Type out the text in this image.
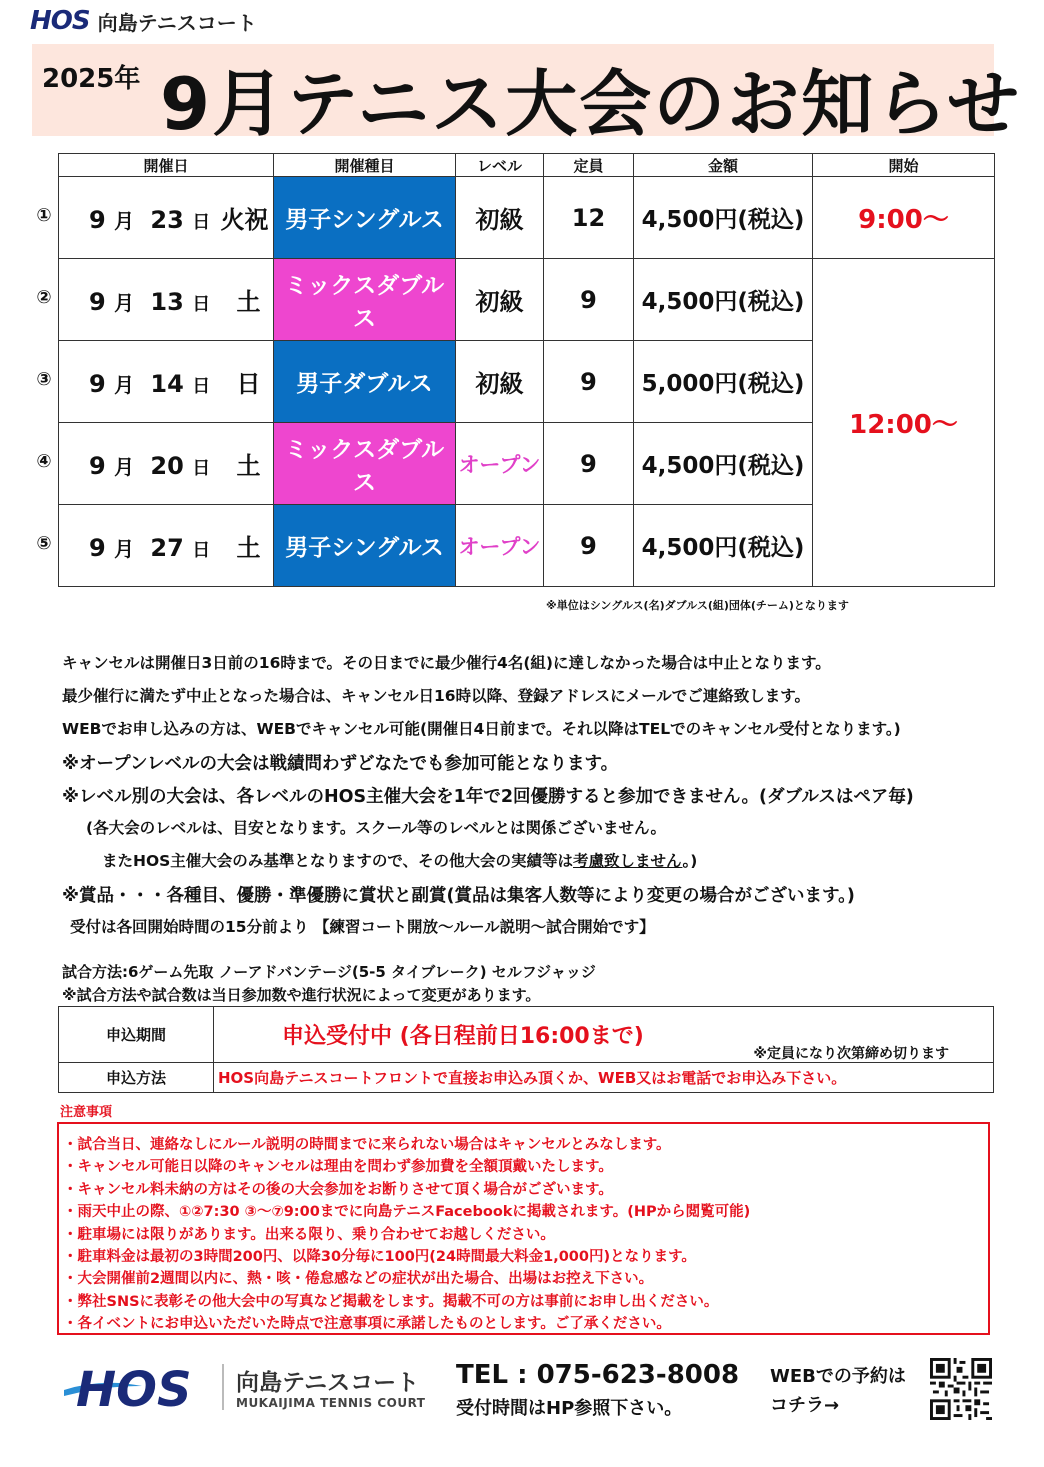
HOS 向島テニスコート
2025年 9月テニス大会のお知らせ
①
②
③
④
⑤
開催日	開催種目	レベル	定員	金額	開始
9 月 23 日 火祝	男子シングルス	初級	12	4,500円(税込)	9:00～
9 月 13 日 土	ミックスダブルス	初級	9	4,500円(税込)	12:00～
9 月 14 日 日	男子ダブルス	初級	9	5,000円(税込)	
9 月 20 日 土	ミックスダブルス	オープン	9	4,500円(税込)	
9 月 27 日 土	男子シングルス	オープン	9	4,500円(税込)	
※単位はシングルス(名)ダブルス(組)団体(チーム)となります
キャンセルは開催日3日前の16時まで。その日までに最少催行4名(組)に達しなかった場合は中止となります。
最少催行に満たず中止となった場合は、キャンセル日16時以降、登録アドレスにメールでご連絡致します。
WEBでお申し込みの方は、WEBでキャンセル可能(開催日4日前まで。それ以降はTELでのキャンセル受付となります。)
※オープンレベルの大会は戦績問わずどなたでも参加可能となります。
※レベル別の大会は、各レベルのHOS主催大会を1年で2回優勝すると参加できません。(ダブルスはペア毎)
(各大会のレベルは、目安となります。スクール等のレベルとは関係ございません。
またHOS主催大会のみ基準となりますので、その他大会の実績等は考慮致しません。)
※賞品・・・各種目、優勝・準優勝に賞状と副賞(賞品は集客人数等により変更の場合がございます。)
受付は各回開始時間の15分前より 【練習コート開放～ルール説明～試合開始です】
試合方法:6ゲーム先取 ノーアドバンテージ(5-5 タイブレーク) セルフジャッジ
※試合方法や試合数は当日参加数や進行状況によって変更があります。
申込期間	申込受付中 (各日程前日16:00まで)
※定員になり次第締め切ります

申込方法	HOS向島テニスコートフロントで直接お申込み頂くか、WEB又はお電話でお申込み下さい。
注意事項
・試合当日、連絡なしにルール説明の時間までに来られない場合はキャンセルとみなします。
・キャンセル可能日以降のキャンセルは理由を問わず参加費を全額頂戴いたします。
・キャンセル料未納の方はその後の大会参加をお断りさせて頂く場合がございます。
・雨天中止の際、①②7:30 ③～⑦9:00までに向島テニスFacebookに掲載されます。(HPから閲覧可能)
・駐車場には限りがあります。出来る限り、乗り合わせてお越しください。
・駐車料金は最初の3時間200円、以降30分毎に100円(24時間最大料金1,000円)となります。
・大会開催前2週間以内に、熱・咳・倦怠感などの症状が出た場合、出場はお控え下さい。
・弊社SNSに表彰その他大会中の写真など掲載をします。掲載不可の方は事前にお申し出ください。
・各イベントにお申込いただいた時点で注意事項に承諾したものとします。ご了承ください。
HOS 向島テニスコート
MUKAIJIMA TENNIS COURT
TEL : 075-623-8008
受付時間はHP参照下さい。
WEBでの予約は
コチラ→
